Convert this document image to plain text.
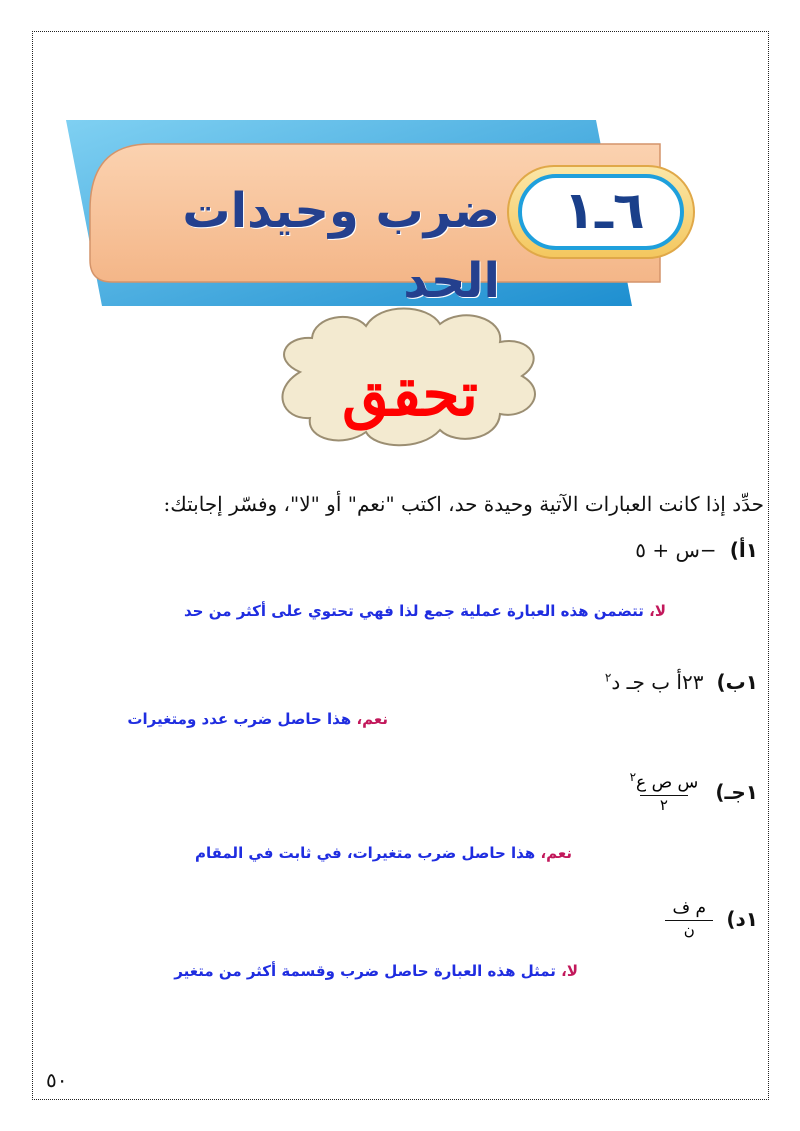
ضرب وحيدات الحد
٦ـ١
تحقق
حدِّد إذا كانت العبارات الآتية وحيدة حد، اكتب "نعم" أو "لا"، وفسّر إجابتك:
١أ) −س + ٥
لا، تتضمن هذه العبارة عملية جمع لذا فهي تحتوي على أكثر من حد
١ب) ٢٣أ ب جـ د$^٢$
نعم، هذا حاصل ضرب عدد ومتغيرات
١جـ)
$\frac{س ص ع^٢}{٢}$
نعم، هذا حاصل ضرب متغيرات، في ثابت في المقام
١د)
$\frac{\text{م ف}}{\text{ن}}$
لا، تمثل هذه العبارة حاصل ضرب وقسمة أكثر من متغير
٥٠
